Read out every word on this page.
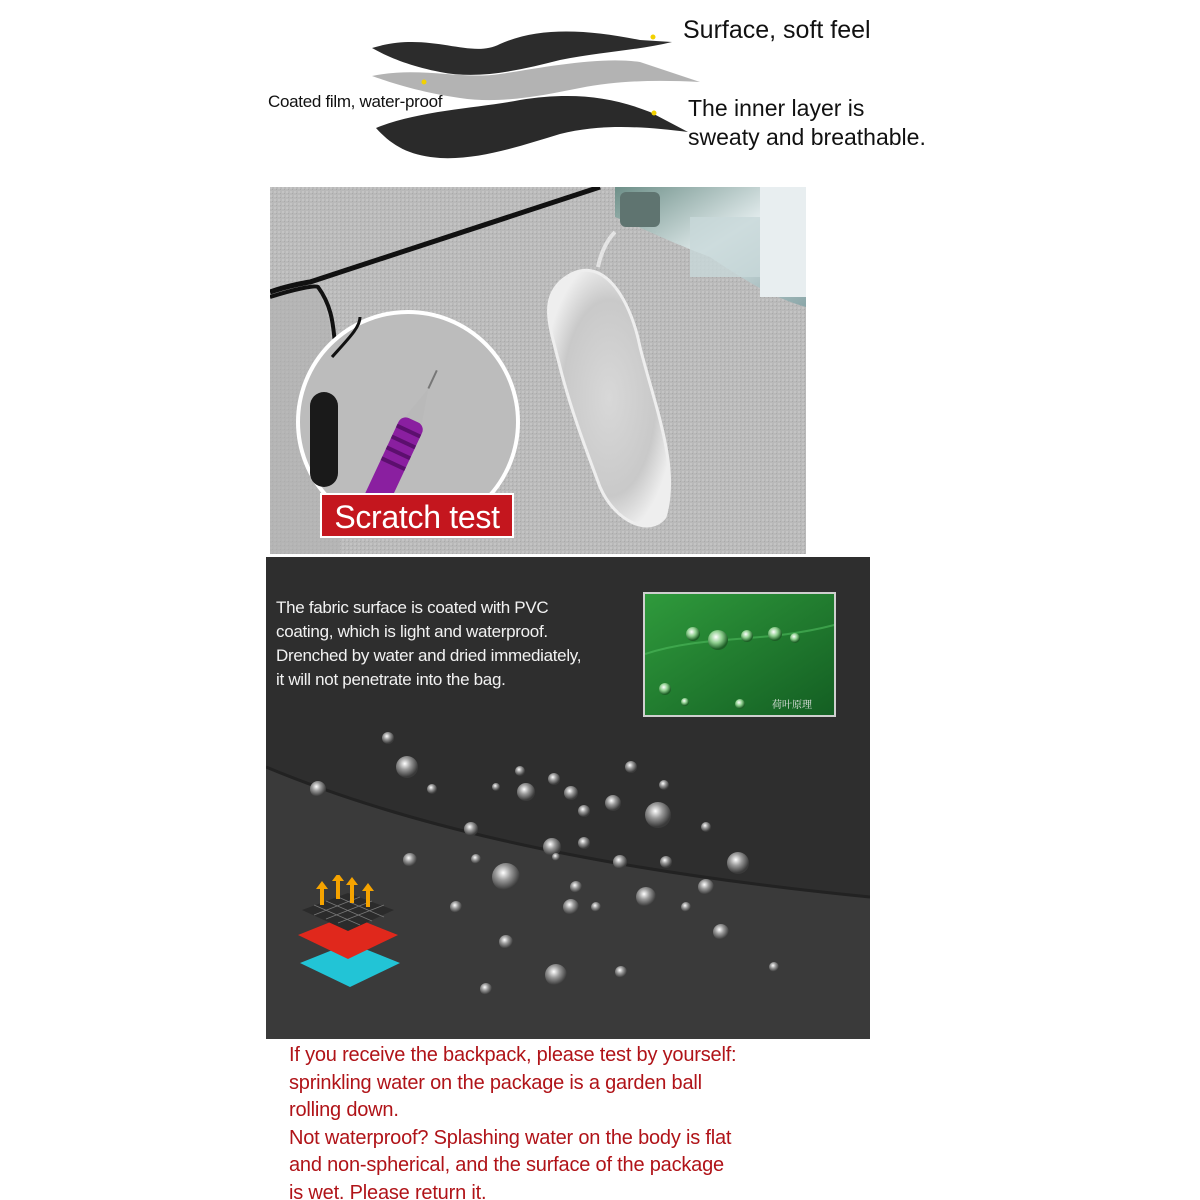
Surface, soft feel
Coated film, water-proof	The inner layer is
sweaty and breathable.
Scratch test
The fabric surface is coated with PVC
coating, which is light and waterproof.
Drenched by water and dried immediately,
it will not penetrate into the bag.
荷叶原理

If you receive the backpack, please test by yourself:

sprinkling water on the package is a garden ball

rolling down.

Not waterproof? Splashing water on the body is flat

and non-spherical, and the surface of the package

is wet. Please return it.
